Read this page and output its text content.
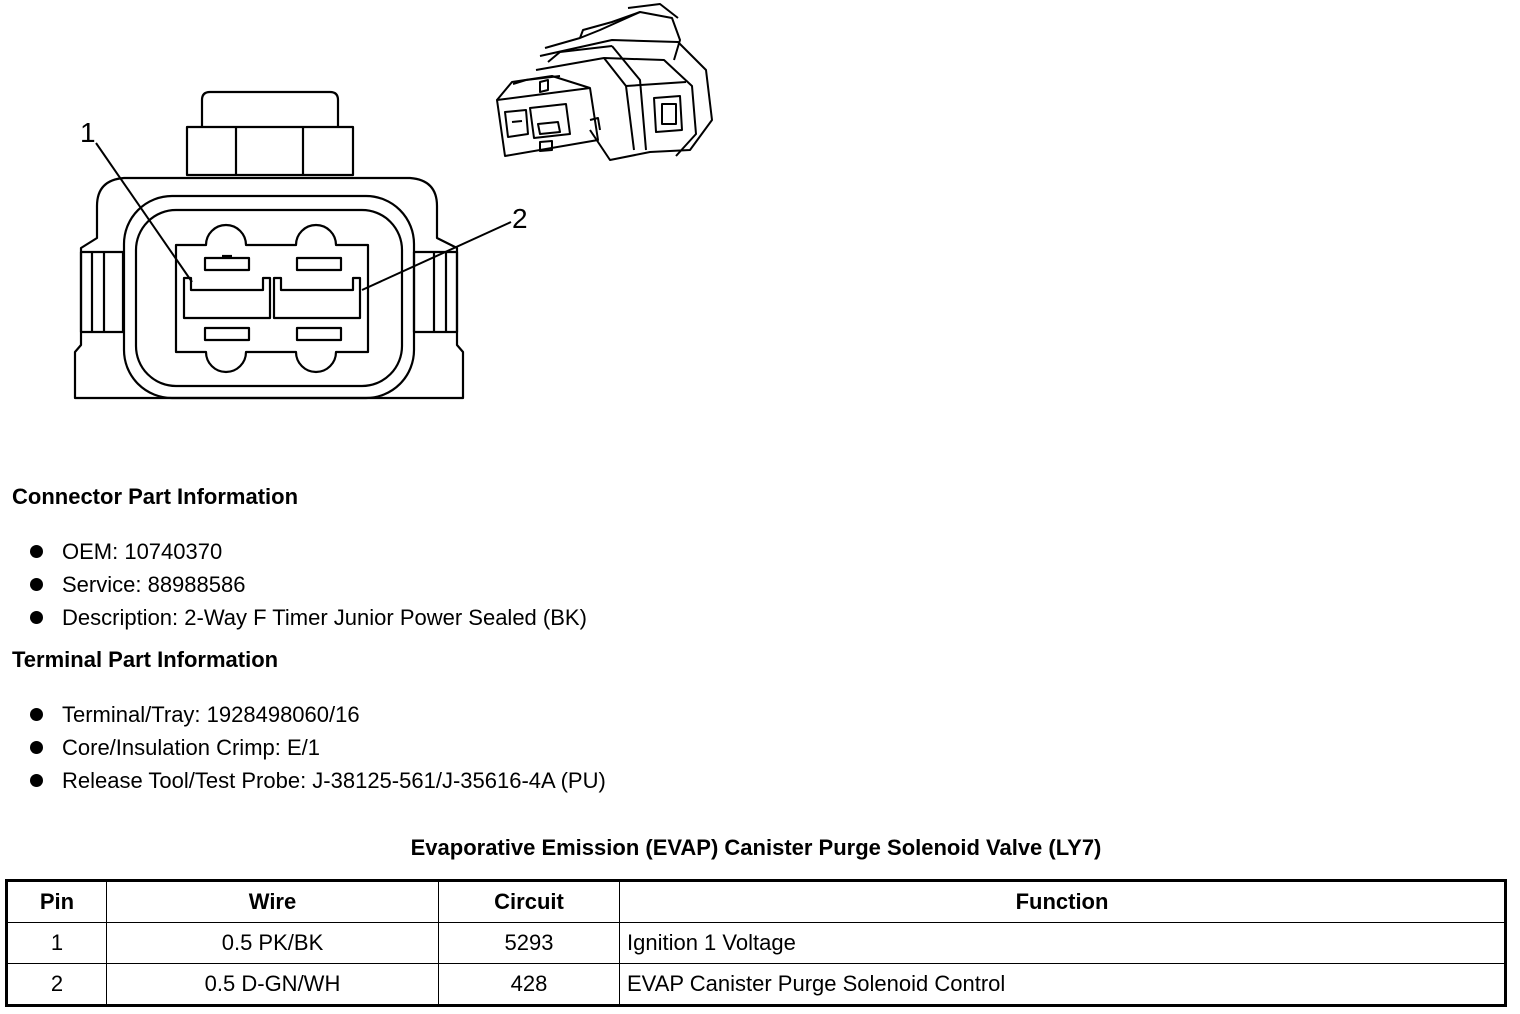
1
2
Connector Part Information
OEM: 10740370
Service: 88988586
Description: 2-Way F Timer Junior Power Sealed (BK)
Terminal Part Information
Terminal/Tray: 1928498060/16
Core/Insulation Crimp: E/1
Release Tool/Test Probe: J-38125-561/J-35616-4A (PU)
Evaporative Emission (EVAP) Canister Purge Solenoid Valve (LY7)
Pin	Wire	Circuit	Function
1	0.5 PK/BK	5293	Ignition 1 Voltage
2	0.5 D-GN/WH	428	EVAP Canister Purge Solenoid Control
